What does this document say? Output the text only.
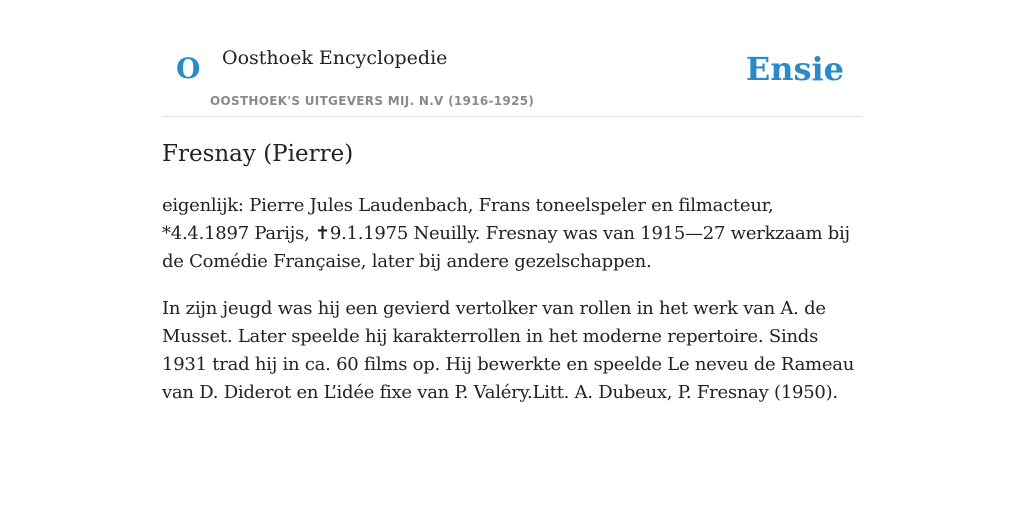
O Oosthoek Encyclopedie
OOSTHOEK'S UITGEVERS MIJ. N.V (1916-1925)
Ensie
Fresnay (Pierre)

eigenlijk: Pierre Jules Laudenbach, Frans toneelspeler en filmacteur, *4.4.1897 Parijs, ✝9.1.1975 Neuilly. Fresnay was van 1915—27 werkzaam bij de Comédie Française, later bij andere gezelschappen.

In zijn jeugd was hij een gevierd vertolker van rollen in het werk van A. de Musset. Later speelde hij karakterrollen in het moderne repertoire. Sinds 1931 trad hij in ca. 60 films op. Hij bewerkte en speelde Le neveu de Rameau van D. Diderot en L’idée fixe van P. Valéry.Litt. A. Dubeux, P. Fresnay (1950).
